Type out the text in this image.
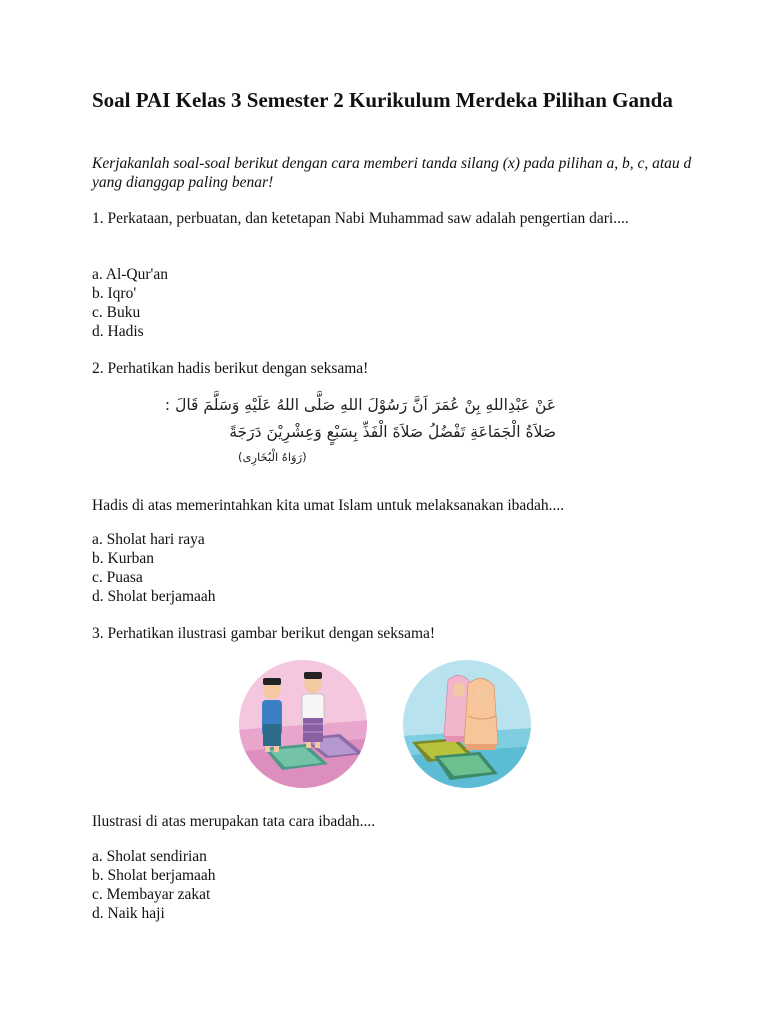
Soal PAI Kelas 3 Semester 2 Kurikulum Merdeka Pilihan Ganda

Kerjakanlah soal-soal berikut dengan cara memberi tanda silang (x) pada pilihan a, b, c, atau d yang dianggap paling benar!

1. Perkataan, perbuatan, dan ketetapan Nabi Muhammad saw adalah pengertian dari....
a. Al-Qur'an
b. Iqro'
c. Buku
d. Hadis
2. Perhatikan hadis berikut dengan seksama!
عَنْ عَبْدِاللهِ بِنْ عُمَرَ اَنَّ رَسُوْلَ اللهِ صَلَّى اللهُ عَلَيْهِ وَسَلَّمَ قَالَ :
صَلاَةُ الْجَمَاعَةِ تَفْضُلُ صَلاَةَ الْفَذِّ بِسَبْعٍ وَعِشْرِيْنَ دَرَجَةً
(رَوَاهُ الْبُخَارِى)
Hadis di atas memerintahkan kita umat Islam untuk melaksanakan ibadah....
a. Sholat hari raya
b. Kurban
c. Puasa
d. Sholat berjamaah
3. Perhatikan ilustrasi gambar berikut dengan seksama!
Ilustrasi di atas merupakan tata cara ibadah....
a. Sholat sendirian
b. Sholat berjamaah
c. Membayar zakat
d. Naik haji
